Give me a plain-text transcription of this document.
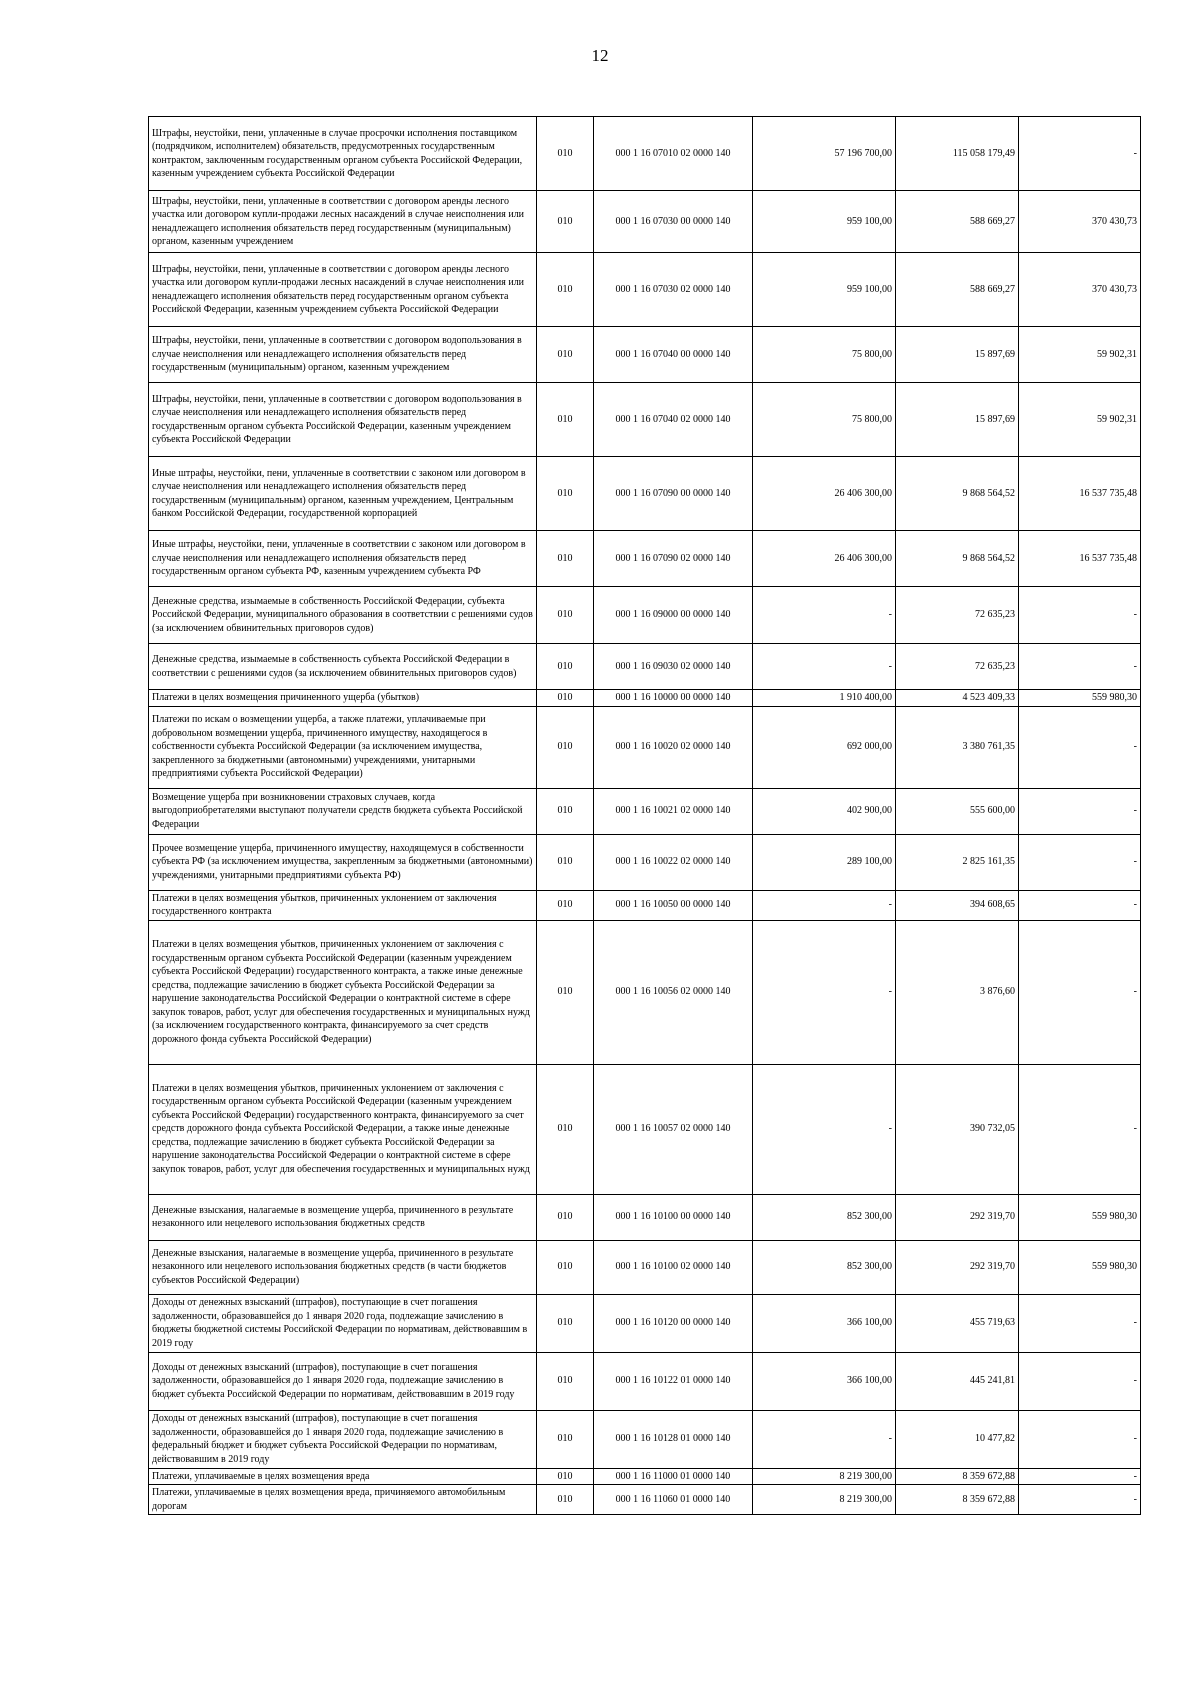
12
Штрафы, неустойки, пени, уплаченные в случае просрочки исполнения поставщиком (подрядчиком, исполнителем) обязательств, предусмотренных государственным контрактом, заключенным государственным органом субъекта Российской Федерации, казенным учреждением субъекта Российской Федерации	010	000 1 16 07010 02 0000 140	57 196 700,00	115 058 179,49	-
Штрафы, неустойки, пени, уплаченные в соответствии с договором аренды лесного участка или договором купли-продажи лесных насаждений в случае неисполнения или ненадлежащего исполнения обязательств перед государственным (муниципальным) органом, казенным учреждением	010	000 1 16 07030 00 0000 140	959 100,00	588 669,27	370 430,73
Штрафы, неустойки, пени, уплаченные в соответствии с договором аренды лесного участка или договором купли-продажи лесных насаждений в случае неисполнения или ненадлежащего исполнения обязательств перед государственным органом субъекта Российской Федерации, казенным учреждением субъекта Российской Федерации	010	000 1 16 07030 02 0000 140	959 100,00	588 669,27	370 430,73
Штрафы, неустойки, пени, уплаченные в соответствии с договором водопользования в случае неисполнения или ненадлежащего исполнения обязательств перед государственным (муниципальным) органом, казенным учреждением	010	000 1 16 07040 00 0000 140	75 800,00	15 897,69	59 902,31
Штрафы, неустойки, пени, уплаченные в соответствии с договором водопользования в случае неисполнения или ненадлежащего исполнения обязательств перед государственным органом субъекта Российской Федерации, казенным учреждением субъекта Российской Федерации	010	000 1 16 07040 02 0000 140	75 800,00	15 897,69	59 902,31
Иные штрафы, неустойки, пени, уплаченные в соответствии с законом или договором в случае неисполнения или ненадлежащего исполнения обязательств перед государственным (муниципальным) органом, казенным учреждением, Центральным банком Российской Федерации, государственной корпорацией	010	000 1 16 07090 00 0000 140	26 406 300,00	9 868 564,52	16 537 735,48
Иные штрафы, неустойки, пени, уплаченные в соответствии с законом или договором в случае неисполнения или ненадлежащего исполнения обязательств перед государственным органом субъекта РФ, казенным учреждением субъекта РФ	010	000 1 16 07090 02 0000 140	26 406 300,00	9 868 564,52	16 537 735,48
Денежные средства, изымаемые в собственность Российской Федерации, субъекта Российской Федерации, муниципального образования в соответствии с решениями судов (за исключением обвинительных приговоров судов)	010	000 1 16 09000 00 0000 140	-	72 635,23	-
Денежные средства, изымаемые в собственность субъекта Российской Федерации в соответствии с решениями судов (за исключением обвинительных приговоров судов)	010	000 1 16 09030 02 0000 140	-	72 635,23	-
Платежи в целях возмещения причиненного ущерба (убытков)	010	000 1 16 10000 00 0000 140	1 910 400,00	4 523 409,33	559 980,30
Платежи по искам о возмещении ущерба, а также платежи, уплачиваемые при добровольном возмещении ущерба, причиненного имуществу, находящегося в собственности субъекта Российской Федерации (за исключением имущества, закрепленного за бюджетными (автономными) учреждениями, унитарными предприятиями субъекта Российской Федерации)	010	000 1 16 10020 02 0000 140	692 000,00	3 380 761,35	-
Возмещение ущерба при возникновении страховых случаев, когда выгодоприобретателями выступают получатели средств бюджета субъекта Российской Федерации	010	000 1 16 10021 02 0000 140	402 900,00	555 600,00	-
Прочее возмещение ущерба, причиненного имуществу, находящемуся в собственности субъекта РФ (за исключением имущества, закрепленным за бюджетными (автономными) учреждениями, унитарными предприятиями субъекта РФ)	010	000 1 16 10022 02 0000 140	289 100,00	2 825 161,35	-
Платежи в целях возмещения убытков, причиненных уклонением от заключения государственного контракта	010	000 1 16 10050 00 0000 140	-	394 608,65	-
Платежи в целях возмещения убытков, причиненных уклонением от заключения с государственным органом субъекта Российской Федерации (казенным учреждением субъекта Российской Федерации) государственного контракта, а также иные денежные средства, подлежащие зачислению в бюджет субъекта Российской Федерации за нарушение законодательства Российской Федерации о контрактной системе в сфере закупок товаров, работ, услуг для обеспечения государственных и муниципальных нужд (за исключением государственного контракта, финансируемого за счет средств дорожного фонда субъекта Российской Федерации)	010	000 1 16 10056 02 0000 140	-	3 876,60	-
Платежи в целях возмещения убытков, причиненных уклонением от заключения с государственным органом субъекта Российской Федерации (казенным учреждением субъекта Российской Федерации) государственного контракта, финансируемого за счет средств дорожного фонда субъекта Российской Федерации, а также иные денежные средства, подлежащие зачислению в бюджет субъекта Российской Федерации за нарушение законодательства Российской Федерации о контрактной системе в сфере закупок товаров, работ, услуг для обеспечения государственных и муниципальных нужд	010	000 1 16 10057 02 0000 140	-	390 732,05	-
Денежные взыскания, налагаемые в возмещение ущерба, причиненного в результате незаконного или нецелевого использования бюджетных средств	010	000 1 16 10100 00 0000 140	852 300,00	292 319,70	559 980,30
Денежные взыскания, налагаемые в возмещение ущерба, причиненного в результате незаконного или нецелевого использования бюджетных средств (в части бюджетов субъектов Российской Федерации)	010	000 1 16 10100 02 0000 140	852 300,00	292 319,70	559 980,30
Доходы от денежных взысканий (штрафов), поступающие в счет погашения задолженности, образовавшейся до 1 января 2020 года, подлежащие зачислению в бюджеты бюджетной системы Российской Федерации по нормативам, действовавшим в 2019 году	010	000 1 16 10120 00 0000 140	366 100,00	455 719,63	-
Доходы от денежных взысканий (штрафов), поступающие в счет погашения задолженности, образовавшейся до 1 января 2020 года, подлежащие зачислению в бюджет субъекта Российской Федерации по нормативам, действовавшим в 2019 году	010	000 1 16 10122 01 0000 140	366 100,00	445 241,81	-
Доходы от денежных взысканий (штрафов), поступающие в счет погашения задолженности, образовавшейся до 1 января 2020 года, подлежащие зачислению в федеральный бюджет и бюджет субъекта Российской Федерации по нормативам, действовавшим в 2019 году	010	000 1 16 10128 01 0000 140	-	10 477,82	-
Платежи, уплачиваемые в целях возмещения вреда	010	000 1 16 11000 01 0000 140	8 219 300,00	8 359 672,88	-
Платежи, уплачиваемые в целях возмещения вреда, причиняемого автомобильным дорогам	010	000 1 16 11060 01 0000 140	8 219 300,00	8 359 672,88	-
